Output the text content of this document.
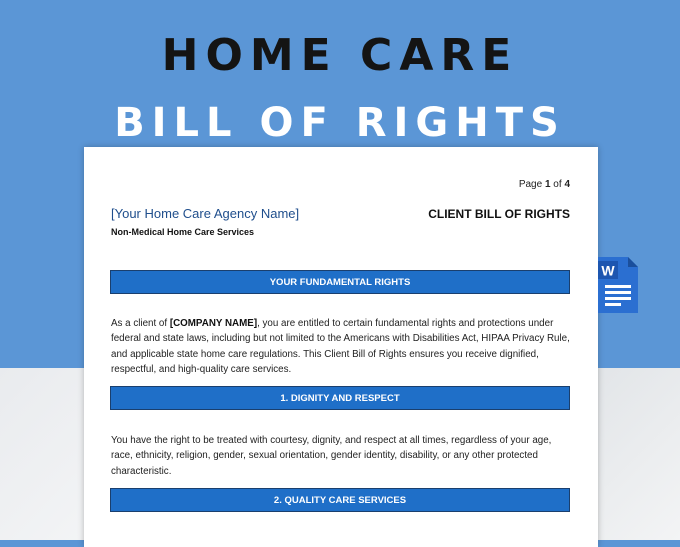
HOME CARE
BILL OF RIGHTS
Page 1 of 4
[Your Home Care Agency Name]
Non-Medical Home Care Services
CLIENT BILL OF RIGHTS
YOUR FUNDAMENTAL RIGHTS

As a client of [COMPANY NAME], you are entitled to certain fundamental rights and protections under federal and state laws, including but not limited to the Americans with Disabilities Act, HIPAA Privacy Rule, and applicable state home care regulations. This Client Bill of Rights ensures you receive dignified, respectful, and high-quality care services.

1. DIGNITY AND RESPECT

You have the right to be treated with courtesy, dignity, and respect at all times, regardless of your age, race, ethnicity, religion, gender, sexual orientation, gender identity, disability, or any other protected characteristic.

2. QUALITY CARE SERVICES
W
